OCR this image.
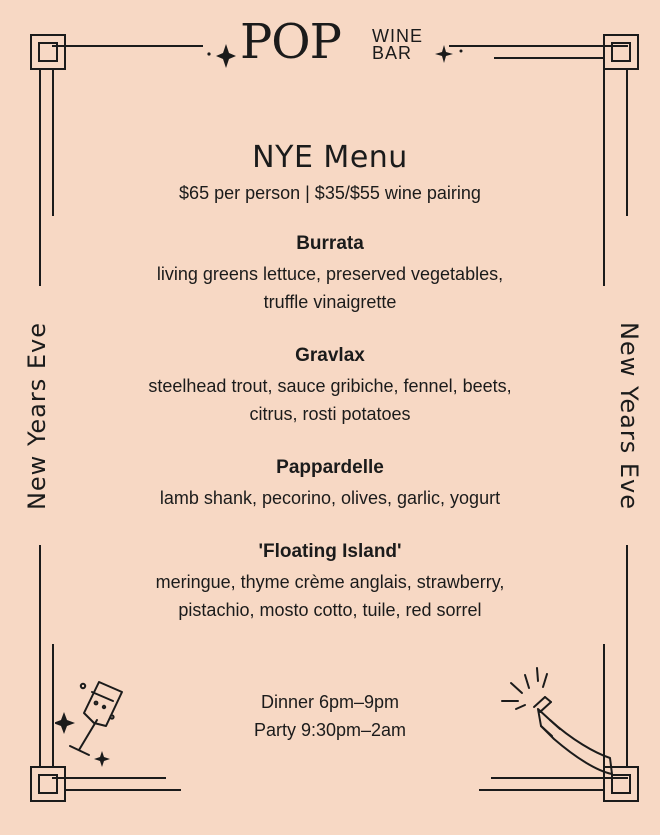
POP WINE
BAR
New Years Eve	New Years Eve
NYE Menu
$65 per person | $35/$55 wine pairing
Burrata
living greens lettuce, preserved vegetables,
truffle vinaigrette
Gravlax
steelhead trout, sauce gribiche, fennel, beets,
citrus, rosti potatoes
Pappardelle
lamb shank, pecorino, olives, garlic, yogurt
'Floating Island'
meringue, thyme crème anglais, strawberry,
pistachio, mosto cotto, tuile, red sorrel
Dinner 6pm–9pm
Party 9:30pm–2am
